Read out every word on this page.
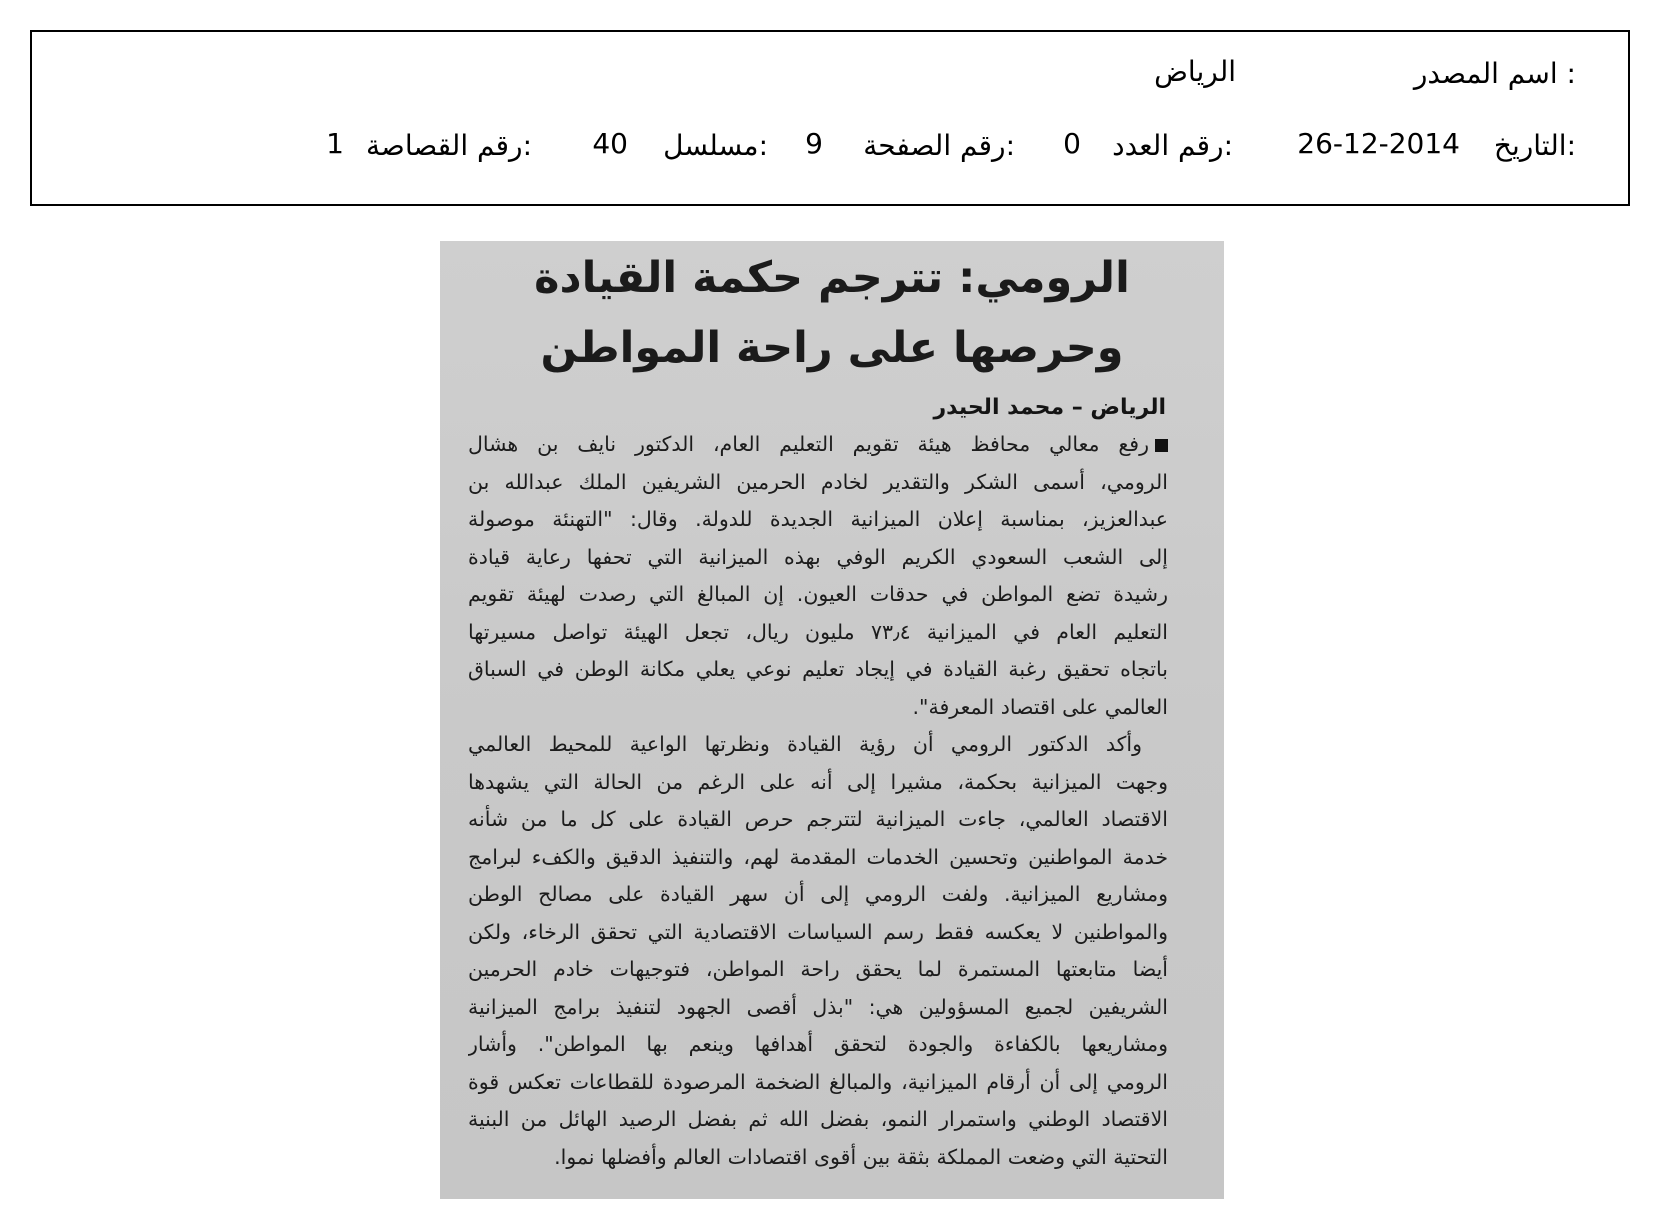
اسم المصدر :
الرياض
التاريخ:
26-12-2014
رقم العدد:
0
رقم الصفحة:
9
مسلسل:
40
رقم القصاصة:
1
الرومي: تترجم حكمة القيادة
وحرصها على راحة المواطن
الرياض – محمد الحيدر
رفع معالي محافظ هيئة تقويم التعليم العام، الدكتور نايف بن هشال
الرومي، أسمى الشكر والتقدير لخادم الحرمين الشريفين الملك عبدالله بن
عبدالعزيز، بمناسبة إعلان الميزانية الجديدة للدولة. وقال: "التهنئة موصولة
إلى الشعب السعودي الكريم الوفي بهذه الميزانية التي تحفها رعاية قيادة
رشيدة تضع المواطن في حدقات العيون. إن المبالغ التي رصدت لهيئة تقويم
التعليم العام في الميزانية ٧٣٫٤ مليون ريال، تجعل الهيئة تواصل مسيرتها
باتجاه تحقيق رغبة القيادة في إيجاد تعليم نوعي يعلي مكانة الوطن في السباق
العالمي على اقتصاد المعرفة".
وأكد الدكتور الرومي أن رؤية القيادة ونظرتها الواعية للمحيط العالمي
وجهت الميزانية بحكمة، مشيرا إلى أنه على الرغم من الحالة التي يشهدها
الاقتصاد العالمي، جاءت الميزانية لتترجم حرص القيادة على كل ما من شأنه
خدمة المواطنين وتحسين الخدمات المقدمة لهم، والتنفيذ الدقيق والكفء لبرامج
ومشاريع الميزانية. ولفت الرومي إلى أن سهر القيادة على مصالح الوطن
والمواطنين لا يعكسه فقط رسم السياسات الاقتصادية التي تحقق الرخاء، ولكن
أيضا متابعتها المستمرة لما يحقق راحة المواطن، فتوجيهات خادم الحرمين
الشريفين لجميع المسؤولين هي: "بذل أقصى الجهود لتنفيذ برامج الميزانية
ومشاريعها بالكفاءة والجودة لتحقق أهدافها وينعم بها المواطن". وأشار
الرومي إلى أن أرقام الميزانية، والمبالغ الضخمة المرصودة للقطاعات تعكس قوة
الاقتصاد الوطني واستمرار النمو، بفضل الله ثم بفضل الرصيد الهائل من البنية
التحتية التي وضعت المملكة بثقة بين أقوى اقتصادات العالم وأفضلها نموا.
